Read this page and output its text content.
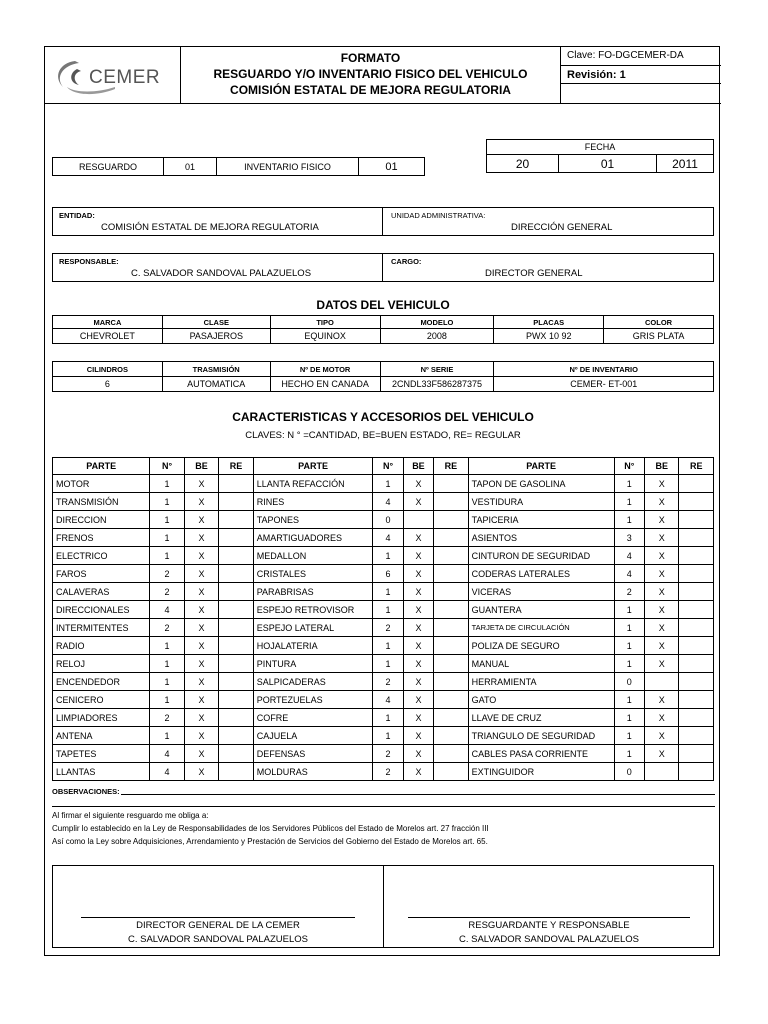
CEMER
FORMATO
RESGUARDO Y/O INVENTARIO FISICO DEL VEHICULO
COMISIÓN ESTATAL DE MEJORA REGULATORIA
Clave: FO-DGCEMER-DA
Revisión: 1
RESGUARDO	01	INVENTARIO FISICO	01
FECHA
20	01	2011
ENTIDAD:
COMISIÓN ESTATAL DE MEJORA REGULATORIA
UNIDAD ADMINISTRATIVA:
DIRECCIÓN GENERAL
RESPONSABLE:
C. SALVADOR SANDOVAL PALAZUELOS
CARGO:
DIRECTOR GENERAL
DATOS DEL VEHICULO
MARCA	CLASE	TIPO	MODELO	PLACAS	COLOR
CHEVROLET	PASAJEROS	EQUINOX	2008	PWX 10 92	GRIS PLATA
CILINDROS	TRASMISIÓN	Nº DE MOTOR	Nº SERIE	Nº DE INVENTARIO
6	AUTOMATICA	HECHO EN CANADA	2CNDL33F586287375	CEMER- ET-001
CARACTERISTICAS Y ACCESORIOS DEL VEHICULO
CLAVES: N ° =CANTIDAD, BE=BUEN ESTADO, RE= REGULAR
PARTE	N°	BE	RE	PARTE	N°	BE	RE	PARTE	N°	BE	RE
MOTOR	1	X		LLANTA REFACCIÓN	1	X		TAPON DE GASOLINA	1	X	
TRANSMISIÓN	1	X		RINES	4	X		VESTIDURA	1	X	
DIRECCION	1	X		TAPONES	0			TAPICERIA	1	X	
FRENOS	1	X		AMARTIGUADORES	4	X		ASIENTOS	3	X	
ELECTRICO	1	X		MEDALLON	1	X		CINTURON DE SEGURIDAD	4	X	
FAROS	2	X		CRISTALES	6	X		CODERAS LATERALES	4	X	
CALAVERAS	2	X		PARABRISAS	1	X		VICERAS	2	X	
DIRECCIONALES	4	X		ESPEJO RETROVISOR	1	X		GUANTERA	1	X	
INTERMITENTES	2	X		ESPEJO LATERAL	2	X		TARJETA DE CIRCULACIÓN	1	X	
RADIO	1	X		HOJALATERIA	1	X		POLIZA DE SEGURO	1	X	
RELOJ	1	X		PINTURA	1	X		MANUAL	1	X	
ENCENDEDOR	1	X		SALPICADERAS	2	X		HERRAMIENTA	0		
CENICERO	1	X		PORTEZUELAS	4	X		GATO	1	X	
LIMPIADORES	2	X		COFRE	1	X		LLAVE DE CRUZ	1	X	
ANTENA	1	X		CAJUELA	1	X		TRIANGULO DE SEGURIDAD	1	X	
TAPETES	4	X		DEFENSAS	2	X		CABLES PASA CORRIENTE	1	X	
LLANTAS	4	X		MOLDURAS	2	X		EXTINGUIDOR	0		
OBSERVACIONES:
Al firmar el siguiente resguardo me obliga a:
Cumplir lo establecido en la Ley de Responsabilidades de los Servidores Públicos del Estado de Morelos art. 27 fracción III
Así como la Ley sobre Adquisiciones, Arrendamiento y Prestación de Servicios del Gobierno del Estado de Morelos art. 65.
DIRECTOR GENERAL DE LA CEMER
C. SALVADOR SANDOVAL PALAZUELOS
RESGUARDANTE Y RESPONSABLE
C. SALVADOR SANDOVAL PALAZUELOS
